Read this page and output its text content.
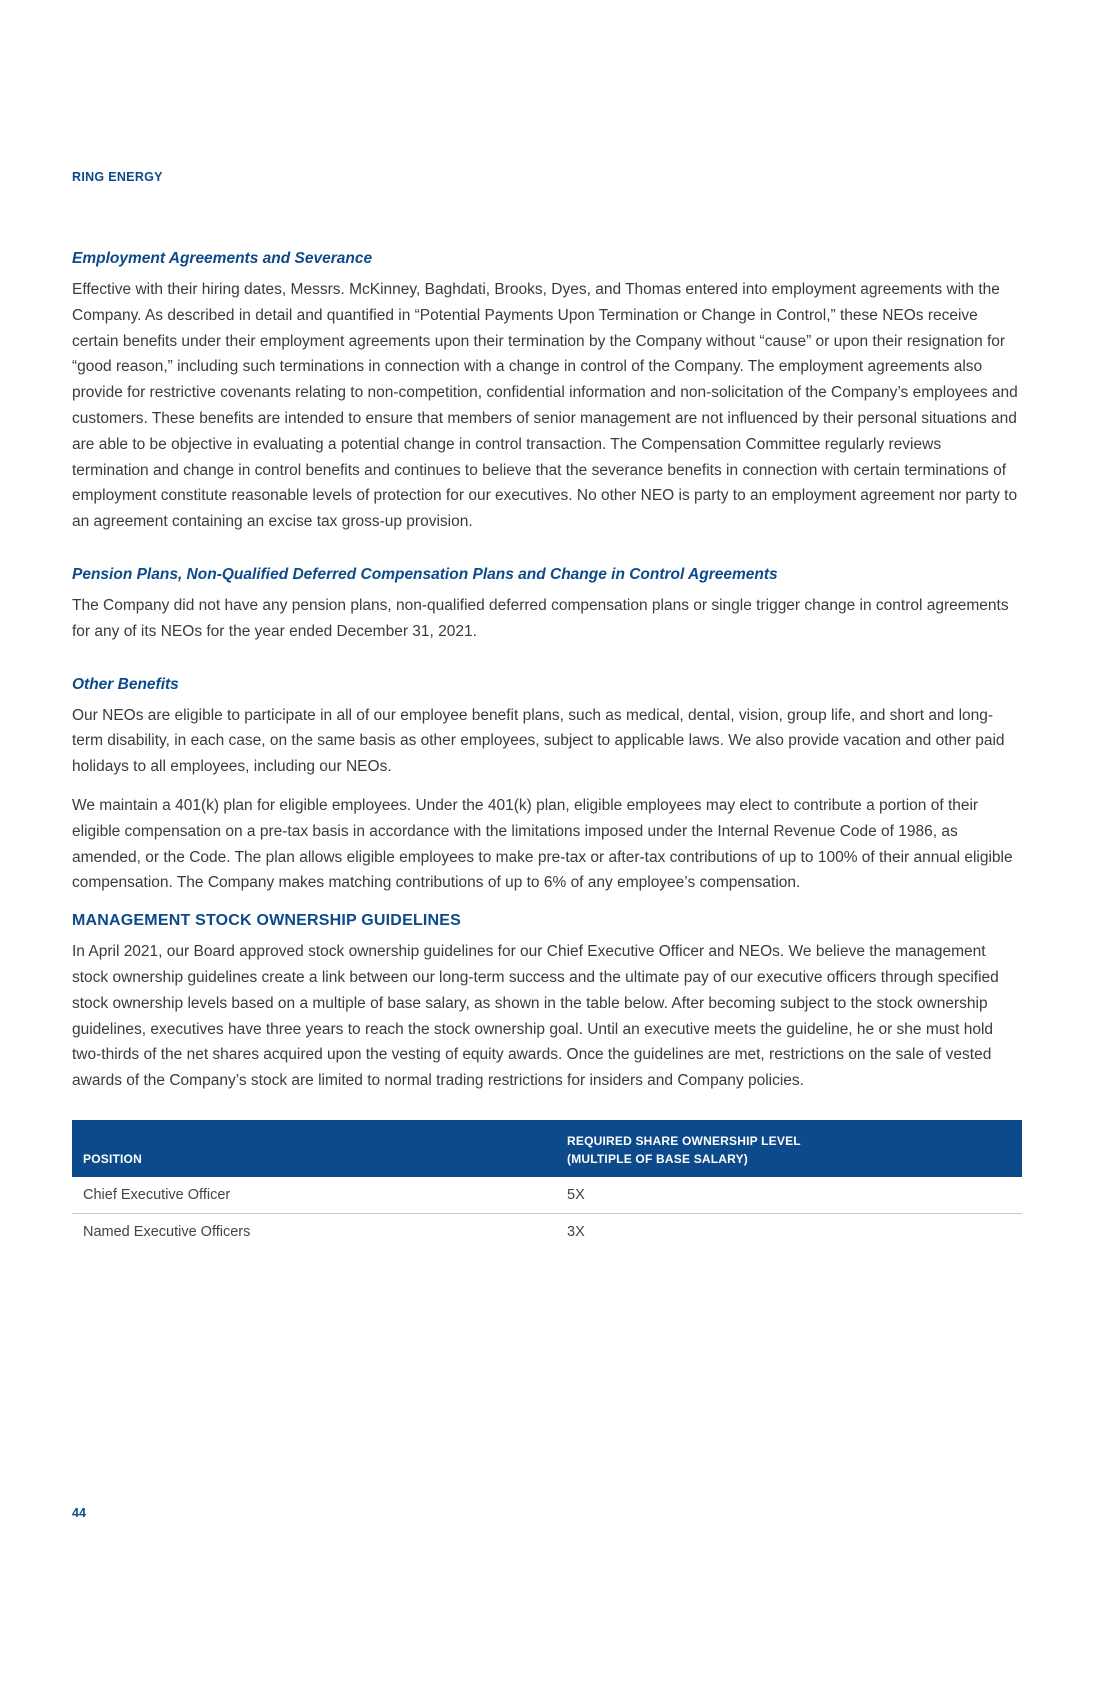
RING ENERGY
Employment Agreements and Severance

Effective with their hiring dates, Messrs. McKinney, Baghdati, Brooks, Dyes, and Thomas entered into employment agreements with the Company. As described in detail and quantified in “Potential Payments Upon Termination or Change in Control,” these NEOs receive certain benefits under their employment agreements upon their termination by the Company without “cause” or upon their resignation for “good reason,” including such terminations in connection with a change in control of the Company. The employment agreements also provide for restrictive covenants relating to non-competition, confidential information and non-solicitation of the Company’s employees and customers. These benefits are intended to ensure that members of senior management are not influenced by their personal situations and are able to be objective in evaluating a potential change in control transaction. The Compensation Committee regularly reviews termination and change in control benefits and continues to believe that the severance benefits in connection with certain terminations of employment constitute reasonable levels of protection for our executives. No other NEO is party to an employment agreement nor party to an agreement containing an excise tax gross-up provision.

Pension Plans, Non-Qualified Deferred Compensation Plans and Change in Control Agreements

The Company did not have any pension plans, non-qualified deferred compensation plans or single trigger change in control agreements for any of its NEOs for the year ended December 31, 2021.

Other Benefits

Our NEOs are eligible to participate in all of our employee benefit plans, such as medical, dental, vision, group life, and short and long-term disability, in each case, on the same basis as other employees, subject to applicable laws. We also provide vacation and other paid holidays to all employees, including our NEOs.

We maintain a 401(k) plan for eligible employees. Under the 401(k) plan, eligible employees may elect to contribute a portion of their eligible compensation on a pre-tax basis in accordance with the limitations imposed under the Internal Revenue Code of 1986, as amended, or the Code. The plan allows eligible employees to make pre-tax or after-tax contributions of up to 100% of their annual eligible compensation. The Company makes matching contributions of up to 6% of any employee’s compensation.

MANAGEMENT STOCK OWNERSHIP GUIDELINES

In April 2021, our Board approved stock ownership guidelines for our Chief Executive Officer and NEOs. We believe the management stock ownership guidelines create a link between our long-term success and the ultimate pay of our executive officers through specified stock ownership levels based on a multiple of base salary, as shown in the table below. After becoming subject to the stock ownership guidelines, executives have three years to reach the stock ownership goal. Until an executive meets the guideline, he or she must hold two-thirds of the net shares acquired upon the vesting of equity awards. Once the guidelines are met, restrictions on the sale of vested awards of the Company’s stock are limited to normal trading restrictions for insiders and Company policies.

POSITION	REQUIRED SHARE OWNERSHIP LEVEL
(MULTIPLE OF BASE SALARY)

Chief Executive Officer	5X
Named Executive Officers	3X
44
